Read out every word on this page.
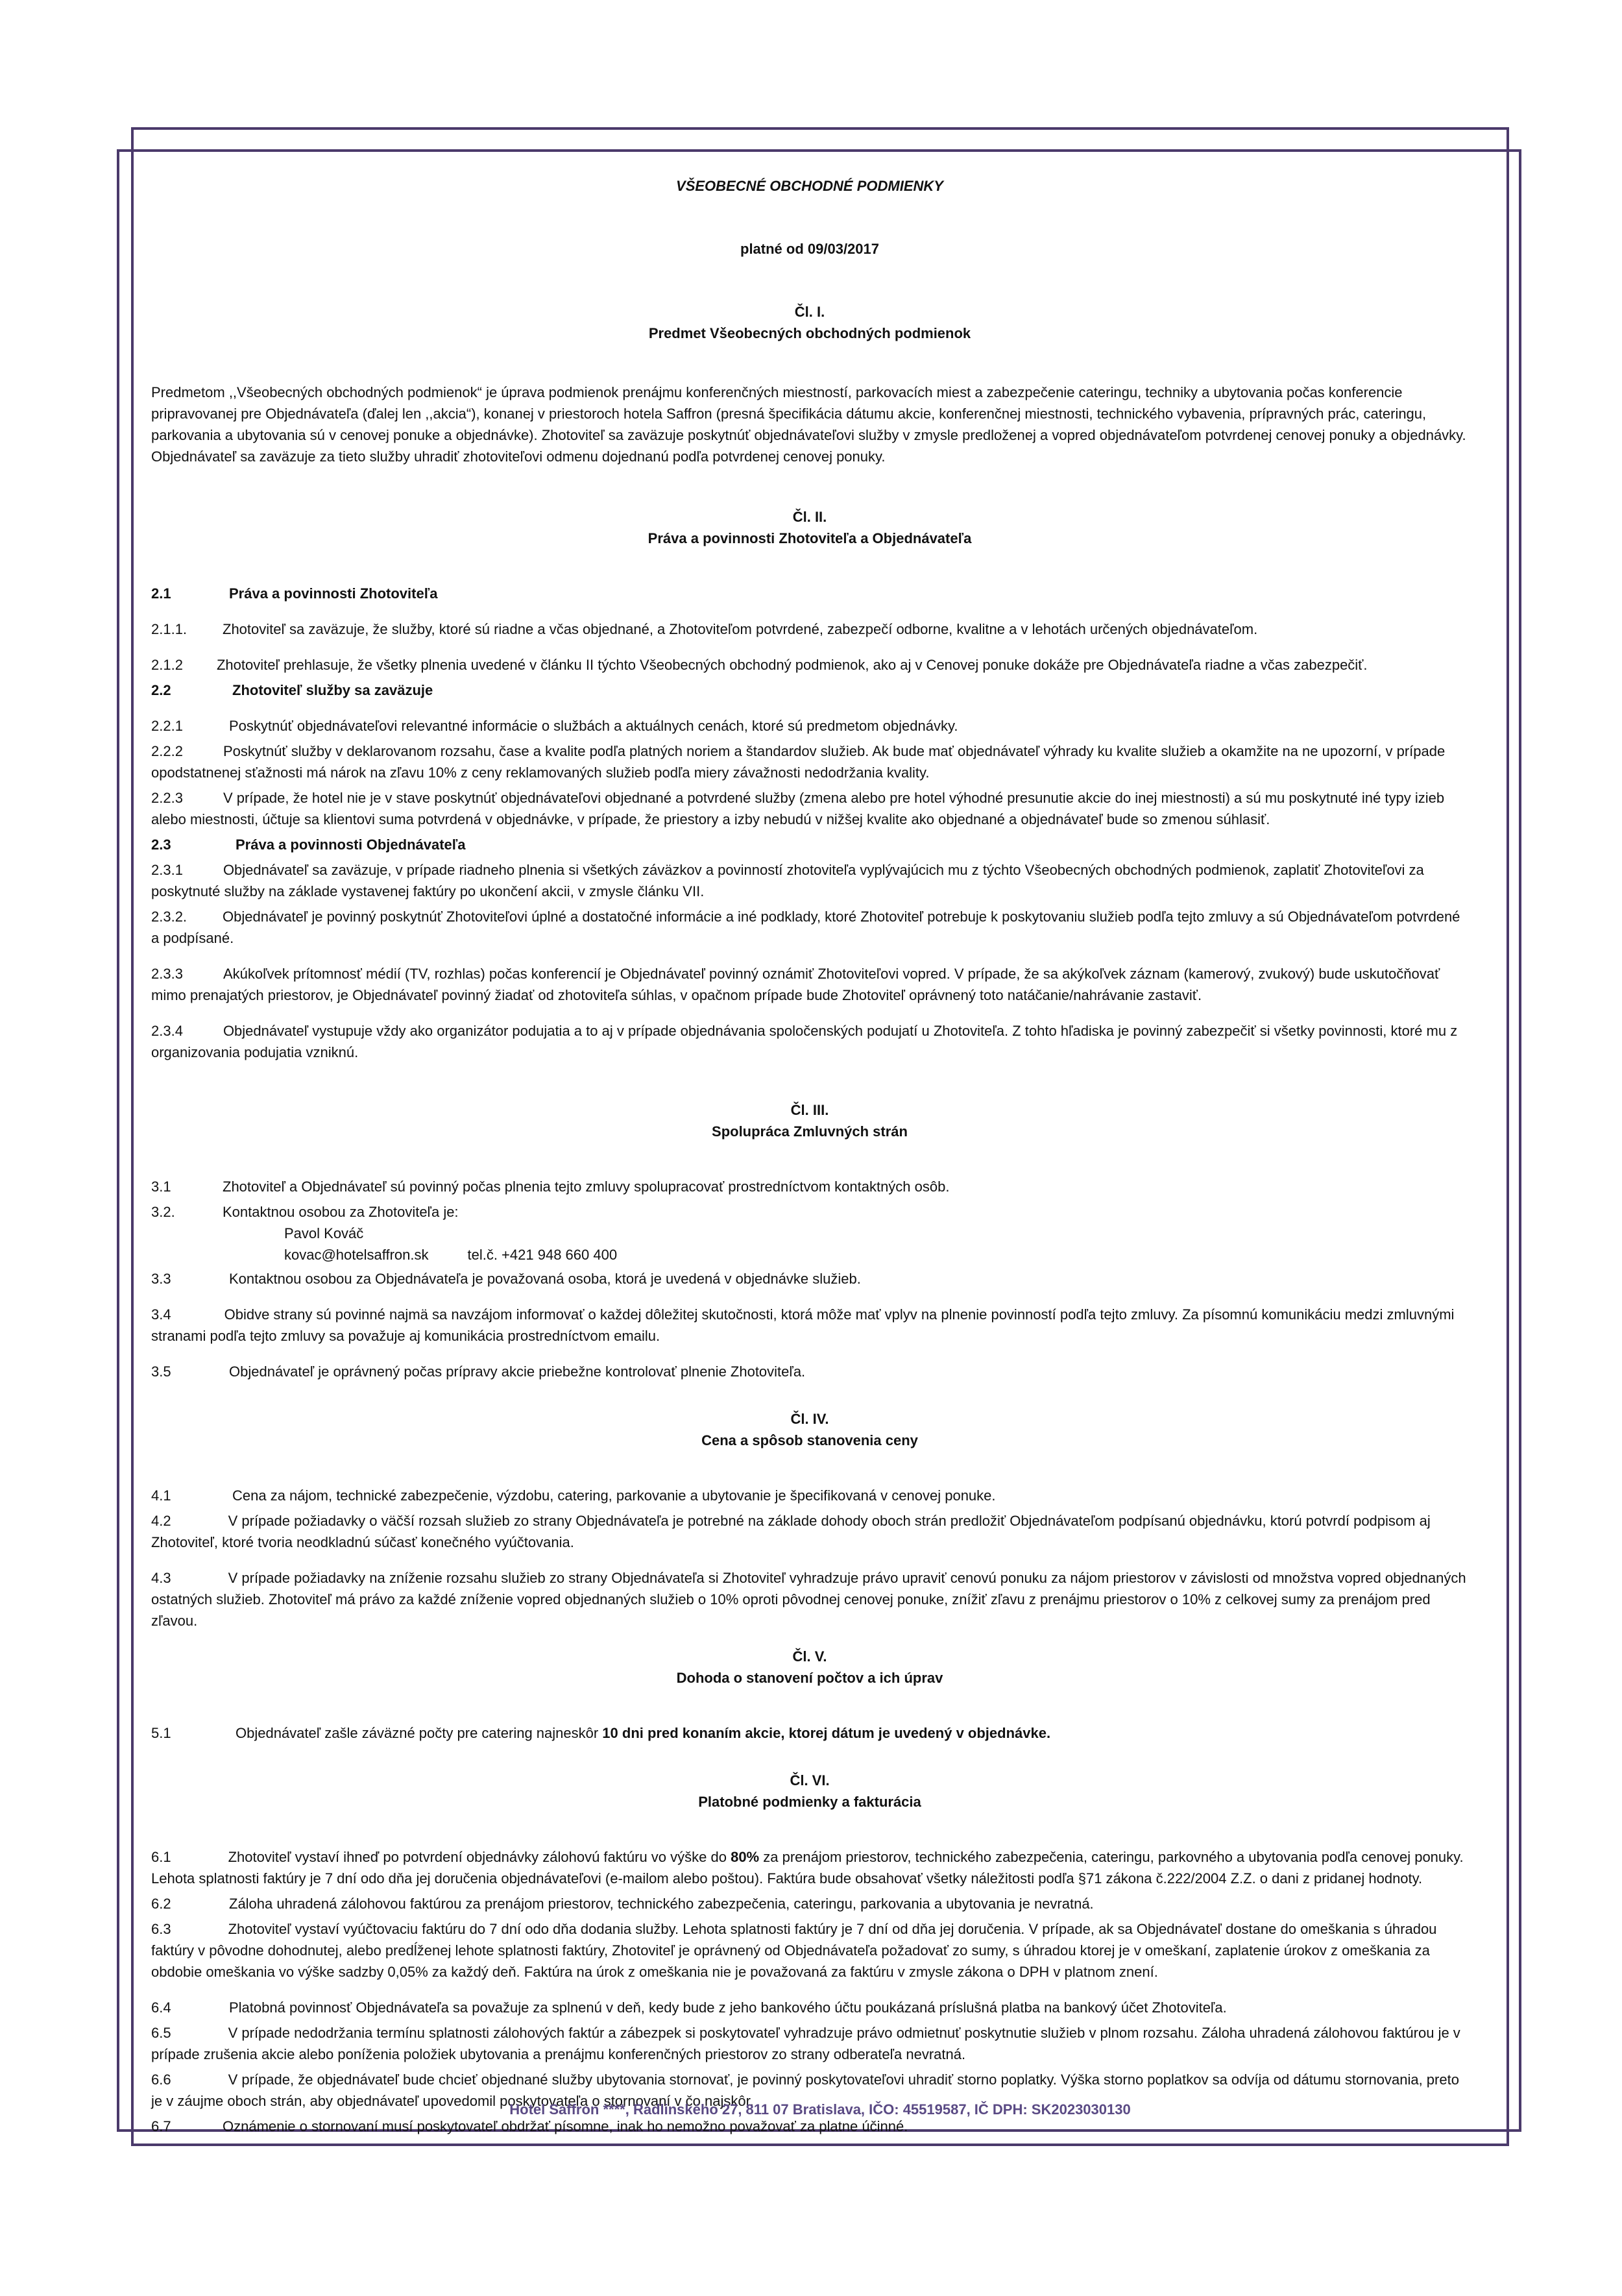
VŠEOBECNÉ OBCHODNÉ PODMIENKY

platné od 09/03/2017

Čl. I.

Predmet Všeobecných obchodných podmienok

Predmetom ,,Všeobecných obchodných podmienok“ je úprava podmienok prenájmu konferenčných miestností, parkovacích miest a zabezpečenie cateringu, techniky a ubytovania počas konferencie pripravovanej pre Objednávateľa (ďalej len ,,akcia“), konanej v priestoroch hotela Saffron (presná špecifikácia dátumu akcie, konferenčnej miestnosti, technického vybavenia, prípravných prác, cateringu, parkovania a ubytovania sú v cenovej ponuke a objednávke). Zhotoviteľ sa zaväzuje poskytnúť objednávateľovi služby v zmysle predloženej a vopred objednávateľom potvrdenej cenovej ponuky a objednávky. Objednávateľ sa zaväzuje za tieto služby uhradiť zhotoviteľovi odmenu dojednanú podľa potvrdenej cenovej ponuky.

Čl. II.

Práva a povinnosti Zhotoviteľa a Objednávateľa

2.1	Práva a povinnosti Zhotoviteľa
2.1.1.	Zhotoviteľ sa zaväzuje, že služby, ktoré sú riadne a včas objednané, a Zhotoviteľom potvrdené, zabezpečí odborne, kvalitne a v lehotách určených objednávateľom.
2.1.2 Zhotoviteľ prehlasuje, že všetky plnenia uvedené v článku II týchto Všeobecných obchodný podmienok, ako aj v Cenovej ponuke dokáže pre Objednávateľa riadne a včas zabezpečiť.
2.2	Zhotoviteľ služby sa zaväzuje
2.2.1	Poskytnúť objednávateľovi relevantné informácie o službách a aktuálnych cenách, ktoré sú predmetom objednávky.
2.2.2	Poskytnúť služby v deklarovanom rozsahu, čase a kvalite podľa platných noriem a štandardov služieb. Ak bude mať objednávateľ výhrady ku kvalite služieb a okamžite na ne upozorní, v prípade opodstatnenej sťažnosti má nárok na zľavu 10% z ceny reklamovaných služieb podľa miery závažnosti nedodržania kvality.
2.2.3	V prípade, že hotel nie je v stave poskytnúť objednávateľovi objednané a potvrdené služby (zmena alebo pre hotel výhodné presunutie akcie do inej miestnosti) a sú mu poskytnuté iné typy izieb alebo miestnosti, účtuje sa klientovi suma potvrdená v objednávke, v prípade, že priestory a izby nebudú v nižšej kvalite ako objednané a objednávateľ bude so zmenou súhlasiť.
2.3	Práva a povinnosti Objednávateľa
2.3.1	Objednávateľ sa zaväzuje, v prípade riadneho plnenia si všetkých záväzkov a povinností zhotoviteľa vyplývajúcich mu z týchto Všeobecných obchodných podmienok, zaplatiť Zhotoviteľovi za poskytnuté služby na základe vystavenej faktúry po ukončení akcii, v zmysle článku VII.
2.3.2.	Objednávateľ je povinný poskytnúť Zhotoviteľovi úplné a dostatočné informácie a iné podklady, ktoré Zhotoviteľ potrebuje k poskytovaniu služieb podľa tejto zmluvy a sú Objednávateľom potvrdené a podpísané.
2.3.3	Akúkoľvek prítomnosť médií (TV, rozhlas) počas konferencií je Objednávateľ povinný oznámiť Zhotoviteľovi vopred. V prípade, že sa akýkoľvek záznam (kamerový, zvukový) bude uskutočňovať mimo prenajatých priestorov, je Objednávateľ povinný žiadať od zhotoviteľa súhlas, v opačnom prípade bude Zhotoviteľ oprávnený toto natáčanie/nahrávanie zastaviť.
2.3.4	Objednávateľ vystupuje vždy ako organizátor podujatia a to aj v prípade objednávania spoločenských podujatí u Zhotoviteľa. Z tohto hľadiska je povinný zabezpečiť si všetky povinnosti, ktoré mu z organizovania podujatia vzniknú.

Čl. III.

Spolupráca Zmluvných strán

3.1	Zhotoviteľ a Objednávateľ sú povinný počas plnenia tejto zmluvy spolupracovať prostredníctvom kontaktných osôb.
3.2.	Kontaktnou osobou za Zhotoviteľa je:

Pavol Kováč

kovac@hotelsaffron.sk	tel.č. +421 948 660 400

3.3	Kontaktnou osobou za Objednávateľa je považovaná osoba, ktorá je uvedená v objednávke služieb.
3.4	Obidve strany sú povinné najmä sa navzájom informovať o každej dôležitej skutočnosti, ktorá môže mať vplyv na plnenie povinností podľa tejto zmluvy. Za písomnú komunikáciu medzi zmluvnými stranami podľa tejto zmluvy sa považuje aj komunikácia prostredníctvom emailu.
3.5	Objednávateľ je oprávnený počas prípravy akcie priebežne kontrolovať plnenie Zhotoviteľa.

Čl. IV.

Cena a spôsob stanovenia ceny

4.1	Cena za nájom, technické zabezpečenie, výzdobu, catering, parkovanie a ubytovanie je špecifikovaná v cenovej ponuke.
4.2	V prípade požiadavky o väčší rozsah služieb zo strany Objednávateľa je potrebné na základe dohody oboch strán predložiť Objednávateľom podpísanú objednávku, ktorú potvrdí podpisom aj Zhotoviteľ, ktoré tvoria neodkladnú súčasť konečného vyúčtovania.
4.3	V prípade požiadavky na zníženie rozsahu služieb zo strany Objednávateľa si Zhotoviteľ vyhradzuje právo upraviť cenovú ponuku za nájom priestorov v závislosti od množstva vopred objednaných ostatných služieb. Zhotoviteľ má právo za každé zníženie vopred objednaných služieb o 10% oproti pôvodnej cenovej ponuke, znížiť zľavu z prenájmu priestorov o 10% z celkovej sumy za prenájom pred zľavou.

Čl. V.

Dohoda o stanovení počtov a ich úprav

5.1	Objednávateľ zašle záväzné počty pre catering najneskôr 10 dni pred konaním akcie, ktorej dátum je uvedený v objednávke.

Čl. VI.

Platobné podmienky a fakturácia

6.1	Zhotoviteľ vystaví ihneď po potvrdení objednávky zálohovú faktúru vo výške do 80% za prenájom priestorov, technického zabezpečenia, cateringu, parkovného a ubytovania podľa cenovej ponuky. Lehota splatnosti faktúry je 7 dní odo dňa jej doručenia objednávateľovi (e-mailom alebo poštou). Faktúra bude obsahovať všetky náležitosti podľa §71 zákona č.222/2004 Z.Z. o dani z pridanej hodnoty.
6.2	Záloha uhradená zálohovou faktúrou za prenájom priestorov, technického zabezpečenia, cateringu, parkovania a ubytovania je nevratná.
6.3	Zhotoviteľ vystaví vyúčtovaciu faktúru do 7 dní odo dňa dodania služby. Lehota splatnosti faktúry je 7 dní od dňa jej doručenia. V prípade, ak sa Objednávateľ dostane do omeškania s úhradou faktúry v pôvodne dohodnutej, alebo predĺženej lehote splatnosti faktúry, Zhotoviteľ je oprávnený od Objednávateľa požadovať zo sumy, s úhradou ktorej je v omeškaní, zaplatenie úrokov z omeškania za obdobie omeškania vo výške sadzby 0,05% za každý deň. Faktúra na úrok z omeškania nie je považovaná za faktúru v zmysle zákona o DPH v platnom znení.
6.4	Platobná povinnosť Objednávateľa sa považuje za splnenú v deň, kedy bude z jeho bankového účtu poukázaná príslušná platba na bankový účet Zhotoviteľa.
6.5	V prípade nedodržania termínu splatnosti zálohových faktúr a zábezpek si poskytovateľ vyhradzuje právo odmietnuť poskytnutie služieb v plnom rozsahu. Záloha uhradená zálohovou faktúrou je v prípade zrušenia akcie alebo poníženia položiek ubytovania a prenájmu konferenčných priestorov zo strany odberateľa nevratná.
6.6	V prípade, že objednávateľ bude chcieť objednané služby ubytovania stornovať, je povinný poskytovateľovi uhradiť storno poplatky. Výška storno poplatkov sa odvíja od dátumu stornovania, preto je v záujme oboch strán, aby objednávateľ upovedomil poskytovateľa o stornovaní v čo najskôr.
6.7	Oznámenie o stornovaní musí poskytovateľ obdržať písomne, inak ho nemožno považovať za platne účinné.
Hotel Saffron ****, Radlinského 27, 811 07 Bratislava, IČO: 45519587, IČ DPH: SK2023030130
